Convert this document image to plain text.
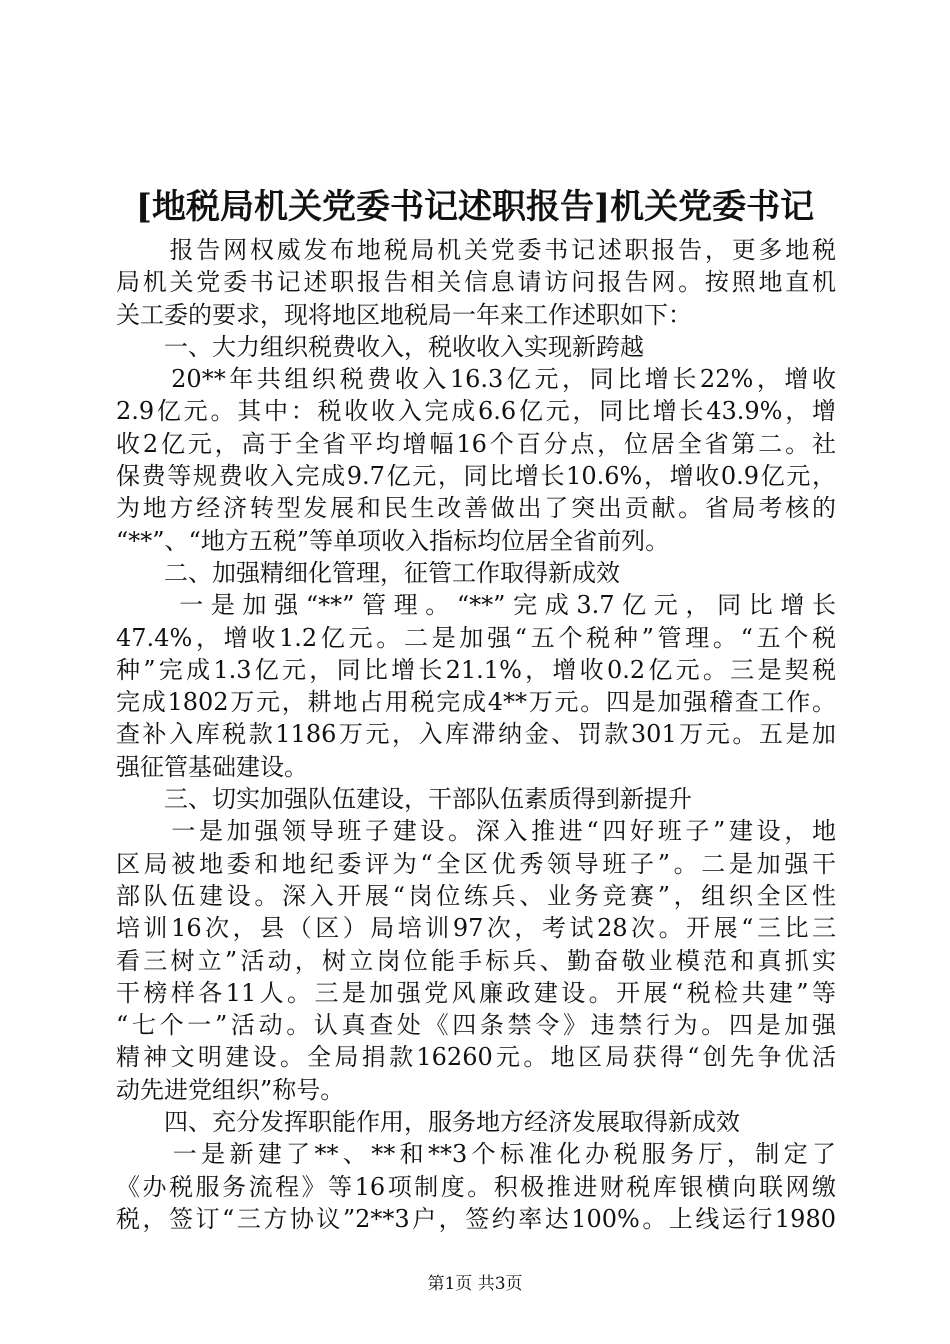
[地税局机关党委书记述职报告]机关党委书记
　　报告网权威发布地税局机关党委书记述职报告，更多地税
局机关党委书记述职报告相关信息请访问报告网。按照地直机
关工委的要求，现将地区地税局一年来工作述职如下：
　　一、大力组织税费收入，税收收入实现新跨越
　　20**年共组织税费收入16.3亿元，同比增长22%，增收
2.9亿元。其中：税收收入完成6.6亿元，同比增长43.9%，增
收2亿元，高于全省平均增幅16个百分点，位居全省第二。社
保费等规费收入完成9.7亿元，同比增长10.6%，增收0.9亿元，
为地方经济转型发展和民生改善做出了突出贡献。省局考核的
“**”、“地方五税”等单项收入指标均位居全省前列。
　　二、加强精细化管理，征管工作取得新成效
　　一是加强“**”管理。“**”完成3.7亿元，同比增长
47.4%，增收1.2亿元。二是加强“五个税种”管理。“五个税
种”完成1.3亿元，同比增长21.1%，增收0.2亿元。三是契税
完成1802万元，耕地占用税完成4**万元。四是加强稽查工作。
查补入库税款1186万元，入库滞纳金、罚款301万元。五是加
强征管基础建设。
　　三、切实加强队伍建设，干部队伍素质得到新提升
　　一是加强领导班子建设。深入推进“四好班子”建设，地
区局被地委和地纪委评为“全区优秀领导班子”。二是加强干
部队伍建设。深入开展“岗位练兵、业务竞赛”，组织全区性
培训16次，县（区）局培训97次，考试28次。开展“三比三
看三树立”活动，树立岗位能手标兵、勤奋敬业模范和真抓实
干榜样各11人。三是加强党风廉政建设。开展“税检共建”等
“七个一”活动。认真查处《四条禁令》违禁行为。四是加强
精神文明建设。全局捐款16260元。地区局获得“创先争优活
动先进党组织”称号。
　　四、充分发挥职能作用，服务地方经济发展取得新成效
　　一是新建了**、**和**3个标准化办税服务厅，制定了
《办税服务流程》等16项制度。积极推进财税库银横向联网缴
税，签订“三方协议”2**3户，签约率达100%。上线运行1980
第1页 共3页
